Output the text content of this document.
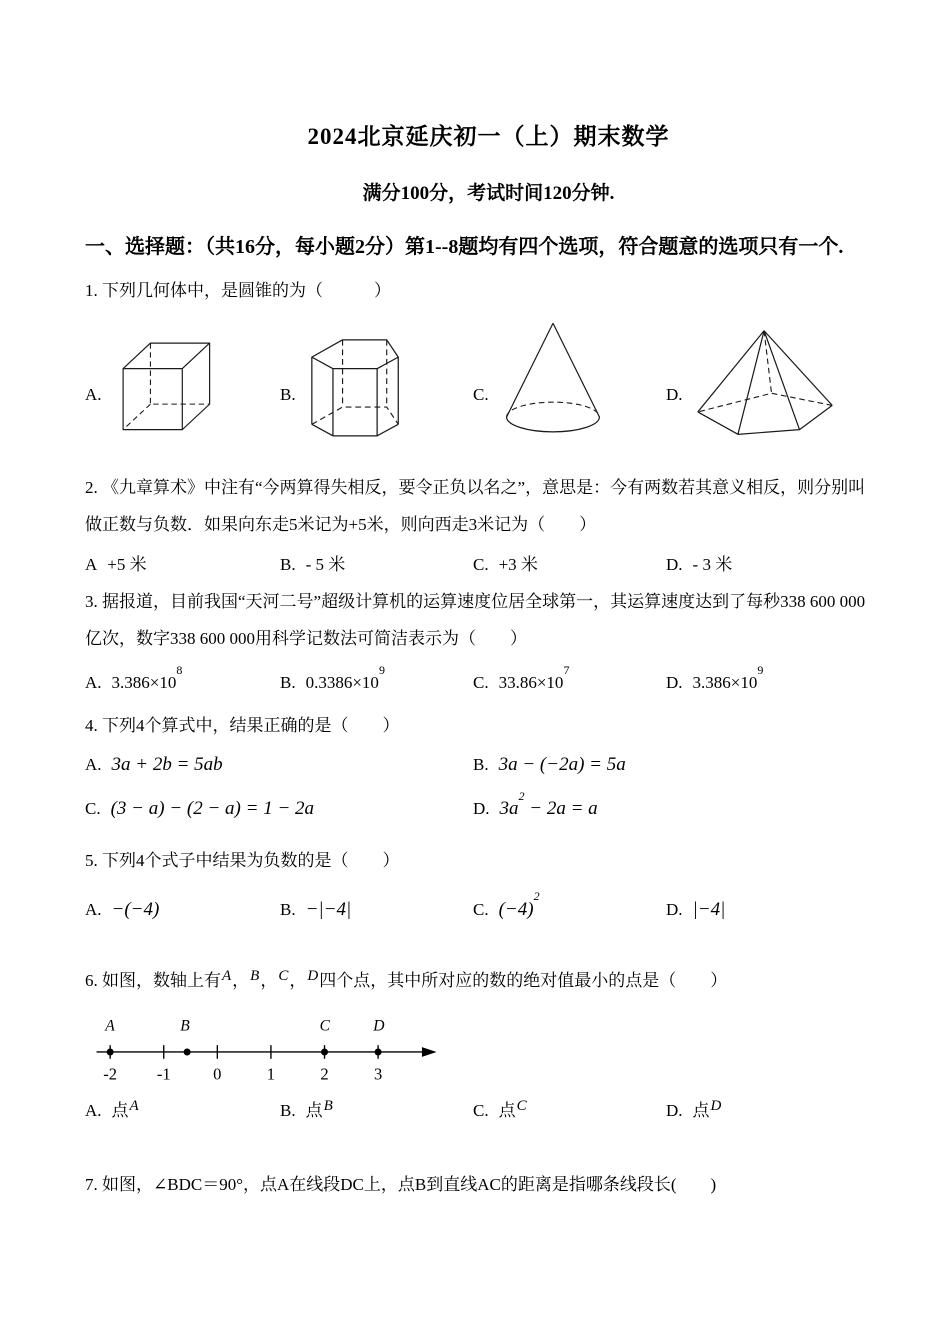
2024北京延庆初一（上）期末数学
满分100分，考试时间120分钟.
一、选择题：（共16分，每小题2分）第1--8题均有四个选项，符合题意的选项只有一个.
1. 下列几何体中，是圆锥的为（　　　）
A.	B.	C.	D.
2. 《九章算术》中注有“今两算得失相反，要令正负以名之”，意思是：今有两数若其意义相反，则分别叫
做正数与负数．如果向东走5米记为+5米，则向西走3米记为（　　）
A +5 米	B. - 5 米	C. +3 米	D. - 3 米
3. 据报道，目前我国“天河二号”超级计算机的运算速度位居全球第一，其运算速度达到了每秒338 600 000
亿次，数字338 600 000用科学记数法可简洁表示为（　　）
A. $3.386\times 10^8$
B. $0.3386\times 10^9$
C. $33.86\times 10^7$
D. $3.386\times 10^9$
4. 下列4个算式中，结果正确的是（　　）
A. 3a + 2b = 5ab	B. 3a − (−2a) = 5a
C. (3 − a) − (2 − a) = 1 − 2a	D. $3a^2 - 2a = a$
5. 下列4个式子中结果为负数的是（　　）
A. −(−4)	B. −|−4|	C. $(-4)^2$
D. |−4|
6. 如图，数轴上有A，B，C，D四个点，其中所对应的数的绝对值最小的点是（　　）
A	B	C	D
-2 -1	0	1	2	3
A. 点A	B. 点B	C. 点C	D. 点D
7. 如图，∠BDC＝90°，点A在线段DC上，点B到直线AC的距离是指哪条线段长(　　)
